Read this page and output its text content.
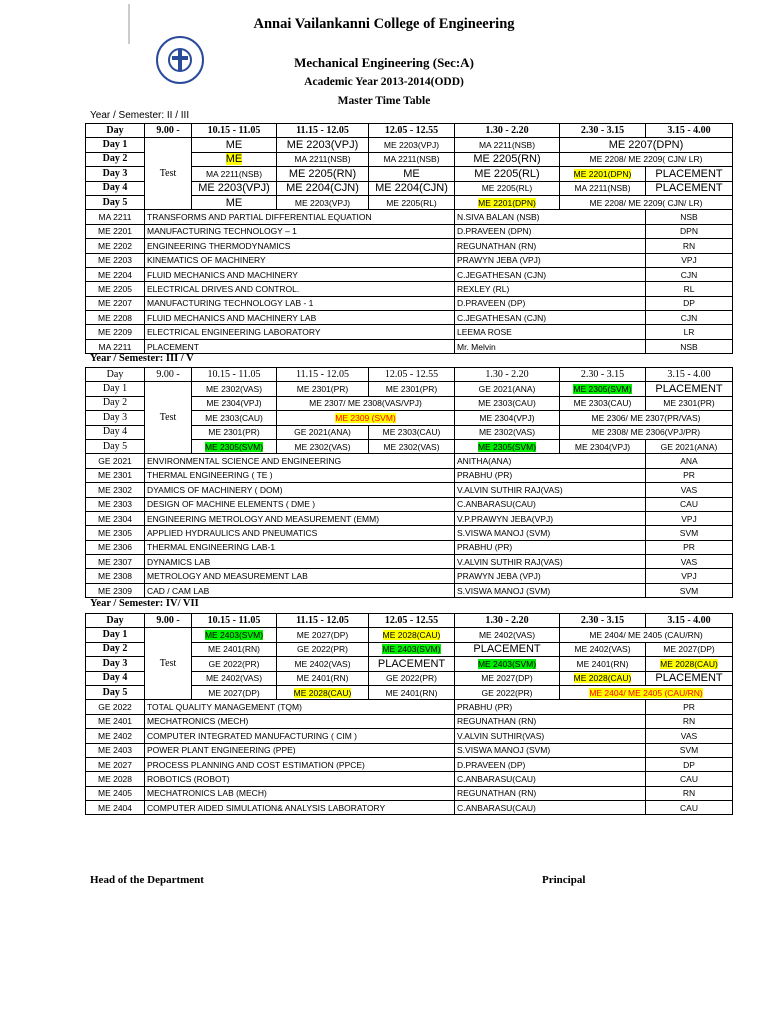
Annai Vailankanni College of Engineering
Mechanical Engineering (Sec:A)
Academic Year 2013-2014(ODD)
Master Time Table
Year / Semester: II / III
Day	9.00 -	10.15 - 11.05	11.15 - 12.05	12.05 - 12.55	1.30 - 2.20	2.30 - 3.15	3.15 - 4.00
Day 1	Test	ME	ME 2203(VPJ)	ME 2203(VPJ)	MA 2211(NSB)	ME 2207(DPN)	
Day 2		ME	MA 2211(NSB)	MA 2211(NSB)	ME 2205(RN)	ME 2208/ ME 2209( CJN/ LR)	
Day 3		MA 2211(NSB)	ME 2205(RN)	ME	ME 2205(RL)	ME 2201(DPN)	PLACEMENT
Day 4		ME 2203(VPJ)	ME 2204(CJN)	ME 2204(CJN)	ME 2205(RL)	MA 2211(NSB)	PLACEMENT
Day 5		ME	ME 2203(VPJ)	ME 2205(RL)	ME 2201(DPN)	ME 2208/ ME 2209( CJN/ LR)	
MA 2211	TRANSFORMS AND PARTIAL DIFFERENTIAL EQUATION				N.SIVA BALAN (NSB)		NSB
ME 2201	MANUFACTURING TECHNOLOGY – 1				D.PRAVEEN (DPN)		DPN
ME 2202	ENGINEERING THERMODYNAMICS				REGUNATHAN (RN)		RN
ME 2203	KINEMATICS OF MACHINERY				PRAWYN JEBA (VPJ)		VPJ
ME 2204	FLUID MECHANICS AND MACHINERY				C.JEGATHESAN (CJN)		CJN
ME 2205	ELECTRICAL DRIVES AND CONTROL.				REXLEY (RL)		RL
ME 2207	MANUFACTURING TECHNOLOGY LAB - 1				D.PRAVEEN (DP)		DP
ME 2208	FLUID MECHANICS AND MACHINERY LAB				C.JEGATHESAN (CJN)		CJN
ME 2209	ELECTRICAL ENGINEERING LABORATORY				LEEMA ROSE		LR
MA 2211	PLACEMENT				Mr. Melvin		NSB
Year / Semester: III / V
Day	9.00 -	10.15 - 11.05	11.15 - 12.05	12.05 - 12.55	1.30 - 2.20	2.30 - 3.15	3.15 - 4.00
Day 1	Test	ME 2302(VAS)	ME 2301(PR)	ME 2301(PR)	GE 2021(ANA)	ME 2305(SVM)	PLACEMENT
Day 2		ME 2304(VPJ)	ME 2307/ ME 2308(VAS/VPJ)		ME 2303(CAU)	ME 2303(CAU)	ME 2301(PR)
Day 3		ME 2303(CAU)	ME 2309 (SVM)		ME 2304(VPJ)	ME 2306/ ME 2307(PR/VAS)	
Day 4		ME 2301(PR)	GE 2021(ANA)	ME 2303(CAU)	ME 2302(VAS)	ME 2308/ ME 2306(VPJ/PR)	
Day 5		ME 2305(SVM)	ME 2302(VAS)	ME 2302(VAS)	ME 2305(SVM)	ME 2304(VPJ)	GE 2021(ANA)
GE 2021	ENVIRONMENTAL SCIENCE AND ENGINEERING				ANITHA(ANA)		ANA
ME 2301	THERMAL ENGINEERING ( TE )				PRABHU (PR)		PR
ME 2302	DYAMICS OF MACHINERY ( DOM)				V.ALVIN SUTHIR RAJ(VAS)		VAS
ME 2303	DESIGN OF MACHINE ELEMENTS ( DME )				C.ANBARASU(CAU)		CAU
ME 2304	ENGINEERING METROLOGY AND MEASUREMENT (EMM)				V.P.PRAWYN JEBA(VPJ)		VPJ
ME 2305	APPLIED HYDRAULICS AND PNEUMATICS				S.VISWA MANOJ (SVM)		SVM
ME 2306	THERMAL ENGINEERING LAB-1				PRABHU (PR)		PR
ME 2307	DYNAMICS LAB				V.ALVIN SUTHIR RAJ(VAS)		VAS
ME 2308	METROLOGY AND MEASUREMENT LAB				PRAWYN JEBA (VPJ)		VPJ
ME 2309	CAD / CAM LAB				S.VISWA MANOJ (SVM)		SVM
Year / Semester: IV/ VII
Day	9.00 -	10.15 - 11.05	11.15 - 12.05	12.05 - 12.55	1.30 - 2.20	2.30 - 3.15	3.15 - 4.00
Day 1	Test	ME 2403(SVM)	ME 2027(DP)	ME 2028(CAU)	ME 2402(VAS)	ME 2404/ ME 2405 (CAU/RN)	
Day 2		ME 2401(RN)	GE 2022(PR)	ME 2403(SVM)	PLACEMENT	ME 2402(VAS)	ME 2027(DP)
Day 3		GE 2022(PR)	ME 2402(VAS)	PLACEMENT	ME 2403(SVM)	ME 2401(RN)	ME 2028(CAU)
Day 4		ME 2402(VAS)	ME 2401(RN)	GE 2022(PR)	ME 2027(DP)	ME 2028(CAU)	PLACEMENT
Day 5		ME 2027(DP)	ME 2028(CAU)	ME 2401(RN)	GE 2022(PR)	ME 2404/ ME 2405 (CAU/RN)	
GE 2022	TOTAL QUALITY MANAGEMENT (TQM)				PRABHU (PR)		PR
ME 2401	MECHATRONICS (MECH)				REGUNATHAN (RN)		RN
ME 2402	COMPUTER INTEGRATED MANUFACTURING ( CIM )				V.ALVIN SUTHIR(VAS)		VAS
ME 2403	POWER PLANT ENGINEERING (PPE)				S.VISWA MANOJ (SVM)		SVM
ME 2027	PROCESS PLANNING AND COST ESTIMATION (PPCE)				D.PRAVEEN (DP)		DP
ME 2028	ROBOTICS (ROBOT)				C.ANBARASU(CAU)		CAU
ME 2405	MECHATRONICS LAB (MECH)				REGUNATHAN (RN)		RN
ME 2404	COMPUTER AIDED SIMULATION& ANALYSIS LABORATORY				C.ANBARASU(CAU)		CAU
Head of the Department	Principal
